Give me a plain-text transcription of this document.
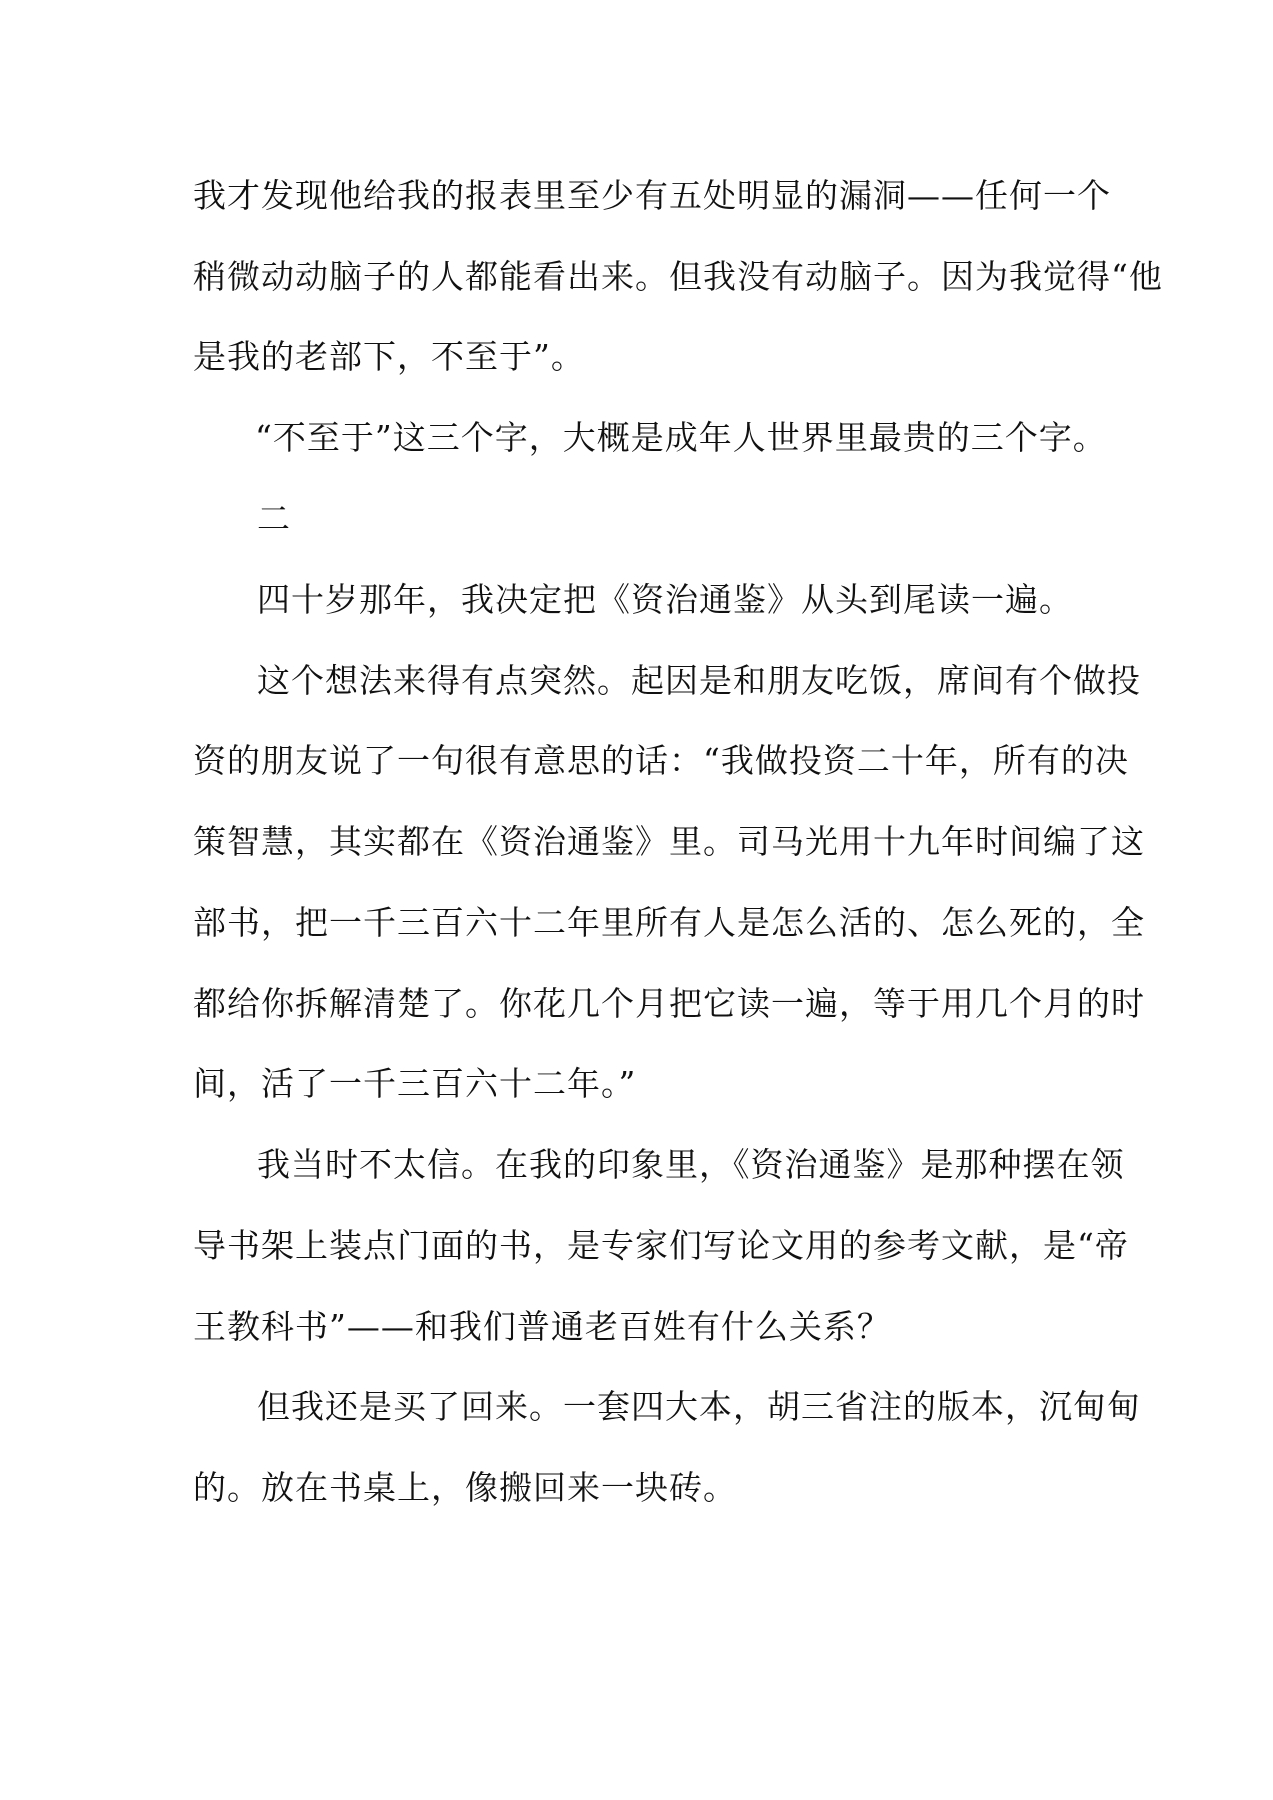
我才发现他给我的报表里至少有五处明显的漏洞——任何一个
稍微动动脑子的人都能看出来。但我没有动脑子。因为我觉得“他
是我的老部下，不至于”。
“不至于”这三个字，大概是成年人世界里最贵的三个字。
二
四十岁那年，我决定把《资治通鉴》从头到尾读一遍。
这个想法来得有点突然。起因是和朋友吃饭，席间有个做投
资的朋友说了一句很有意思的话：“我做投资二十年，所有的决
策智慧，其实都在《资治通鉴》里。司马光用十九年时间编了这
部书，把一千三百六十二年里所有人是怎么活的、怎么死的，全
都给你拆解清楚了。你花几个月把它读一遍，等于用几个月的时
间，活了一千三百六十二年。”
我当时不太信。在我的印象里，《资治通鉴》是那种摆在领
导书架上装点门面的书，是专家们写论文用的参考文献，是“帝
王教科书”——和我们普通老百姓有什么关系？
但我还是买了回来。一套四大本，胡三省注的版本，沉甸甸
的。放在书桌上，像搬回来一块砖。
